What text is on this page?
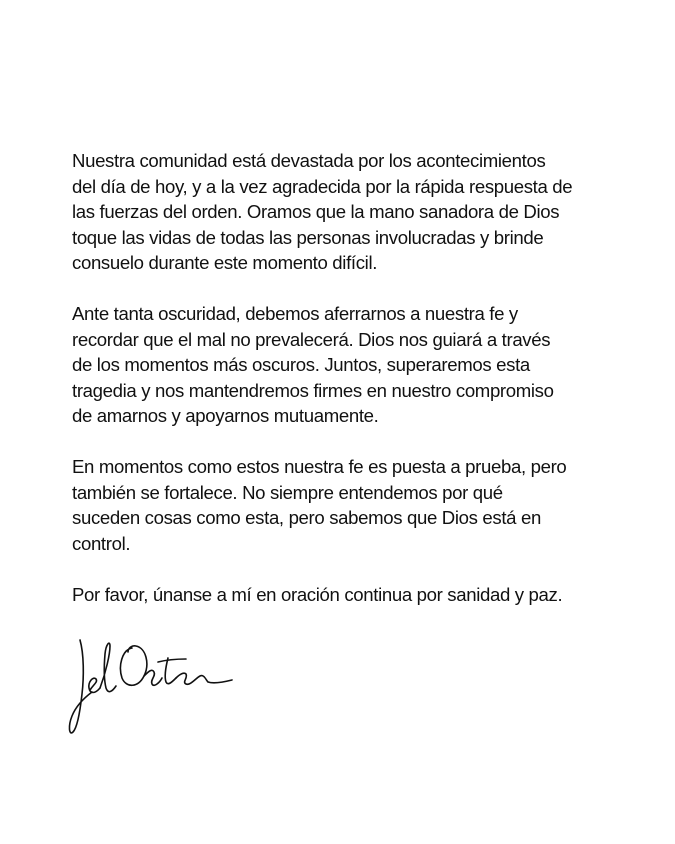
Nuestra comunidad está devastada por los acontecimientos
del día de hoy, y a la vez agradecida por la rápida respuesta de
las fuerzas del orden. Oramos que la mano sanadora de Dios
toque las vidas de todas las personas involucradas y brinde
consuelo durante este momento difícil.

Ante tanta oscuridad, debemos aferrarnos a nuestra fe y
recordar que el mal no prevalecerá. Dios nos guiará a través
de los momentos más oscuros. Juntos, superaremos esta
tragedia y nos mantendremos firmes en nuestro compromiso
de amarnos y apoyarnos mutuamente.

En momentos como estos nuestra fe es puesta a prueba, pero
también se fortalece. No siempre entendemos por qué
suceden cosas como esta, pero sabemos que Dios está en
control.

Por favor, únanse a mí en oración continua por sanidad y paz.
